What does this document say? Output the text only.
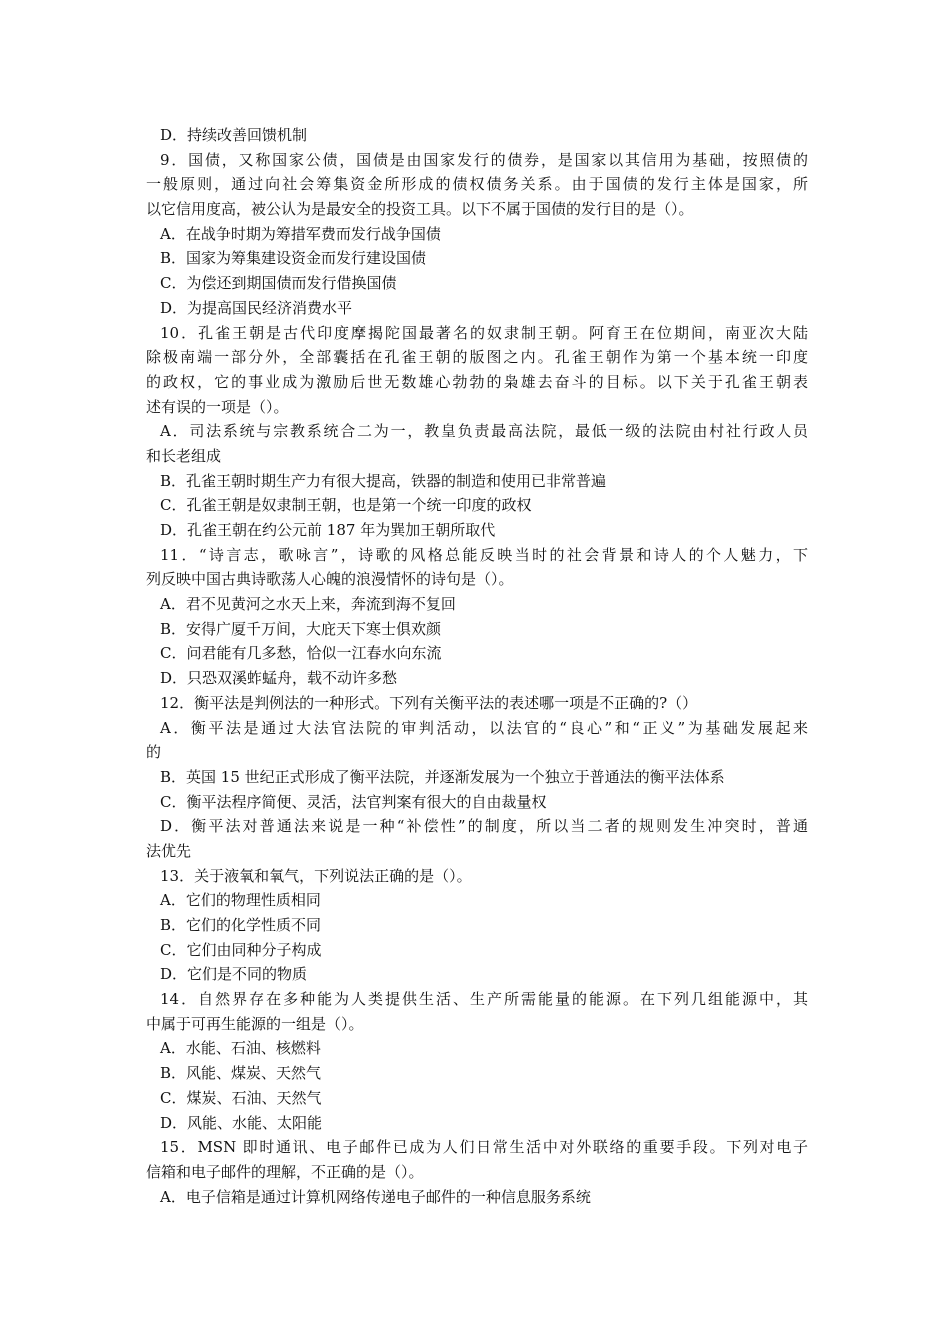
D．持续改善回馈机制
9．国债，又称国家公债，国债是由国家发行的债券，是国家以其信用为基础，按照债的
一般原则，通过向社会筹集资金所形成的债权债务关系。由于国债的发行主体是国家，所
以它信用度高，被公认为是最安全的投资工具。以下不属于国债的发行目的是（）。
A．在战争时期为筹措军费而发行战争国债
B．国家为筹集建设资金而发行建设国债
C．为偿还到期国债而发行借换国债
D．为提高国民经济消费水平
10．孔雀王朝是古代印度摩揭陀国最著名的奴隶制王朝。阿育王在位期间，南亚次大陆
除极南端一部分外，全部囊括在孔雀王朝的版图之内。孔雀王朝作为第一个基本统一印度
的政权，它的事业成为激励后世无数雄心勃勃的枭雄去奋斗的目标。以下关于孔雀王朝表
述有误的一项是（）。
A．司法系统与宗教系统合二为一，教皇负责最高法院，最低一级的法院由村社行政人员
和长老组成
B．孔雀王朝时期生产力有很大提高，铁器的制造和使用已非常普遍
C．孔雀王朝是奴隶制王朝，也是第一个统一印度的政权
D．孔雀王朝在约公元前 187 年为巽加王朝所取代
11．“诗言志，歌咏言”，诗歌的风格总能反映当时的社会背景和诗人的个人魅力，下
列反映中国古典诗歌荡人心魄的浪漫情怀的诗句是（）。
A．君不见黄河之水天上来，奔流到海不复回
B．安得广厦千万间，大庇天下寒士俱欢颜
C．问君能有几多愁，恰似一江春水向东流
D．只恐双溪蚱蜢舟，载不动许多愁
12．衡平法是判例法的一种形式。下列有关衡平法的表述哪一项是不正确的?（）
A．衡平法是通过大法官法院的审判活动，以法官的“良心”和“正义”为基础发展起来
的
B．英国 15 世纪正式形成了衡平法院，并逐渐发展为一个独立于普通法的衡平法体系
C．衡平法程序简便、灵活，法官判案有很大的自由裁量权
D．衡平法对普通法来说是一种“补偿性”的制度，所以当二者的规则发生冲突时，普通
法优先
13．关于液氧和氧气，下列说法正确的是（）。
A．它们的物理性质相同
B．它们的化学性质不同
C．它们由同种分子构成
D．它们是不同的物质
14．自然界存在多种能为人类提供生活、生产所需能量的能源。在下列几组能源中，其
中属于可再生能源的一组是（）。
A．水能、石油、核燃料
B．风能、煤炭、天然气
C．煤炭、石油、天然气
D．风能、水能、太阳能
15．MSN 即时通讯、电子邮件已成为人们日常生活中对外联络的重要手段。下列对电子
信箱和电子邮件的理解，不正确的是（）。
A．电子信箱是通过计算机网络传递电子邮件的一种信息服务系统
